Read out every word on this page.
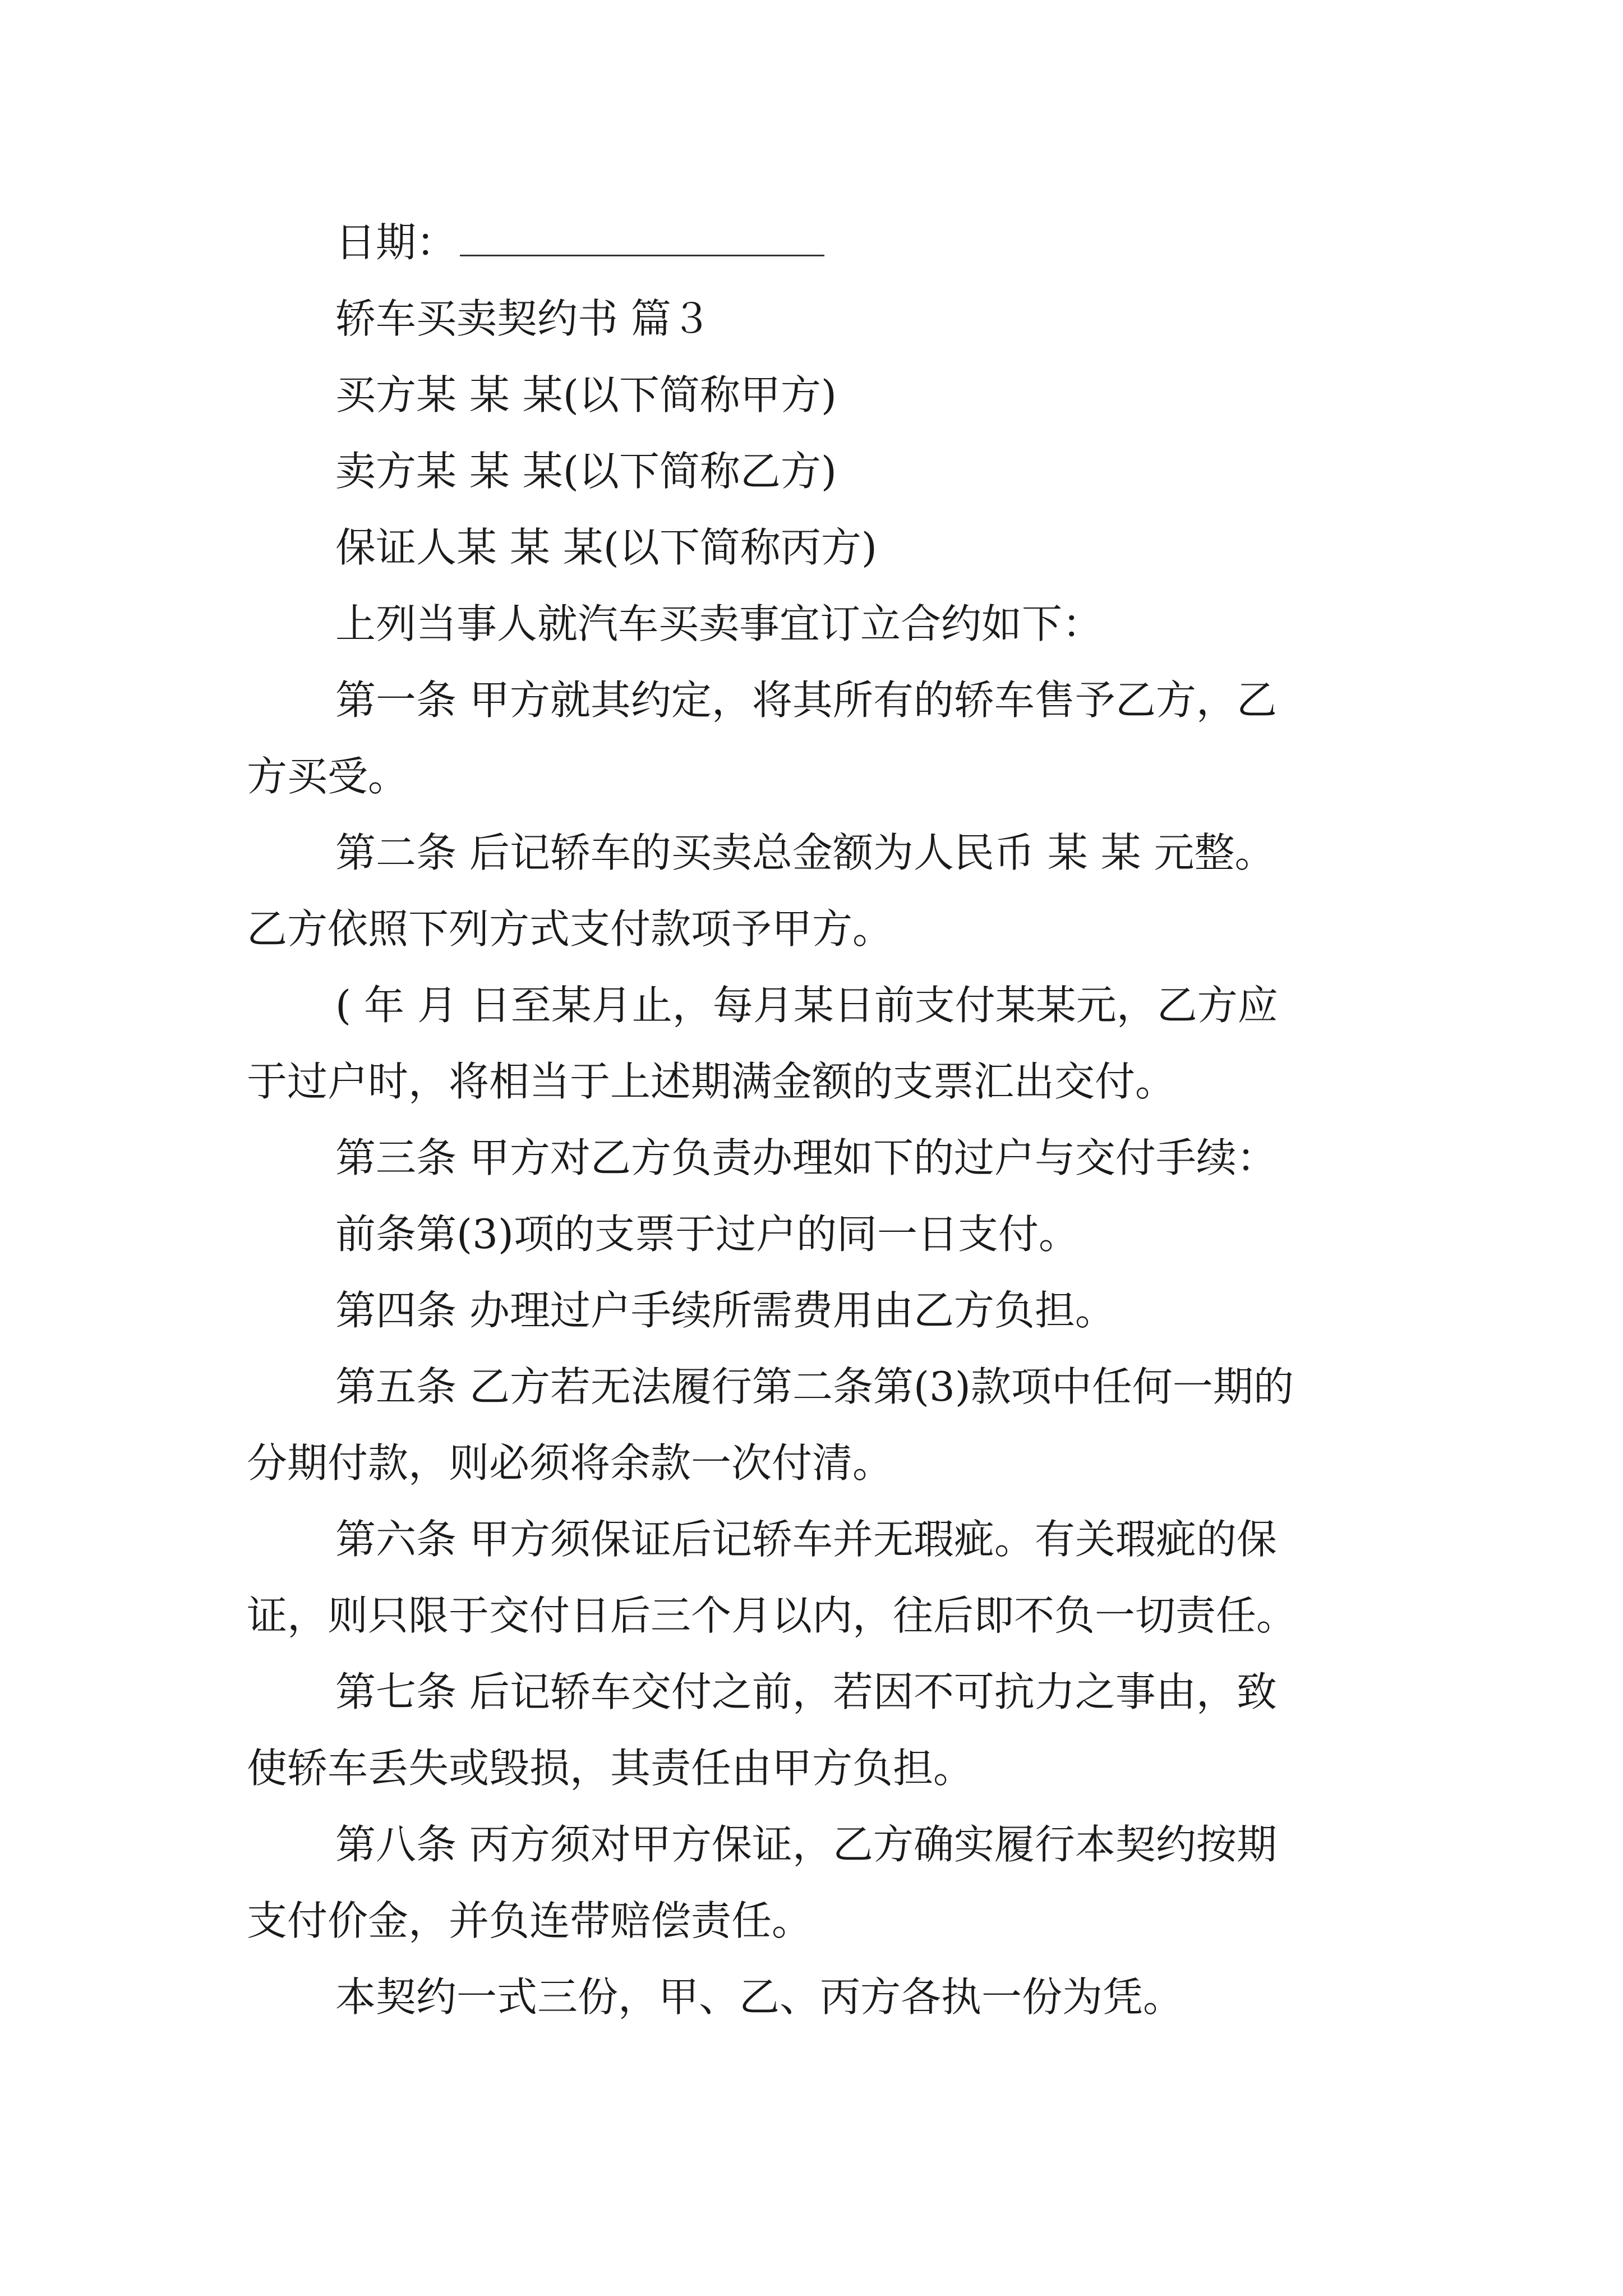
日期：
轿车买卖契约书 篇３
买方某 某 某(以下简称甲方)
卖方某 某 某(以下简称乙方)
保证人某 某 某(以下简称丙方)
上列当事人就汽车买卖事宜订立合约如下：
第一条 甲方就其约定，将其所有的轿车售予乙方，乙
方买受。
第二条 后记轿车的买卖总金额为人民币 某 某 元整。
乙方依照下列方式支付款项予甲方。
( 年 月 日至某月止，每月某日前支付某某元，乙方应
于过户时，将相当于上述期满金额的支票汇出交付。
第三条 甲方对乙方负责办理如下的过户与交付手续：
前条第(3)项的支票于过户的同一日支付。
第四条 办理过户手续所需费用由乙方负担。
第五条 乙方若无法履行第二条第(3)款项中任何一期的
分期付款，则必须将余款一次付清。
第六条 甲方须保证后记轿车并无瑕疵。有关瑕疵的保
证，则只限于交付日后三个月以内，往后即不负一切责任。
第七条 后记轿车交付之前，若因不可抗力之事由，致
使轿车丢失或毁损，其责任由甲方负担。
第八条 丙方须对甲方保证，乙方确实履行本契约按期
支付价金，并负连带赔偿责任。
本契约一式三份，甲、乙、丙方各执一份为凭。
